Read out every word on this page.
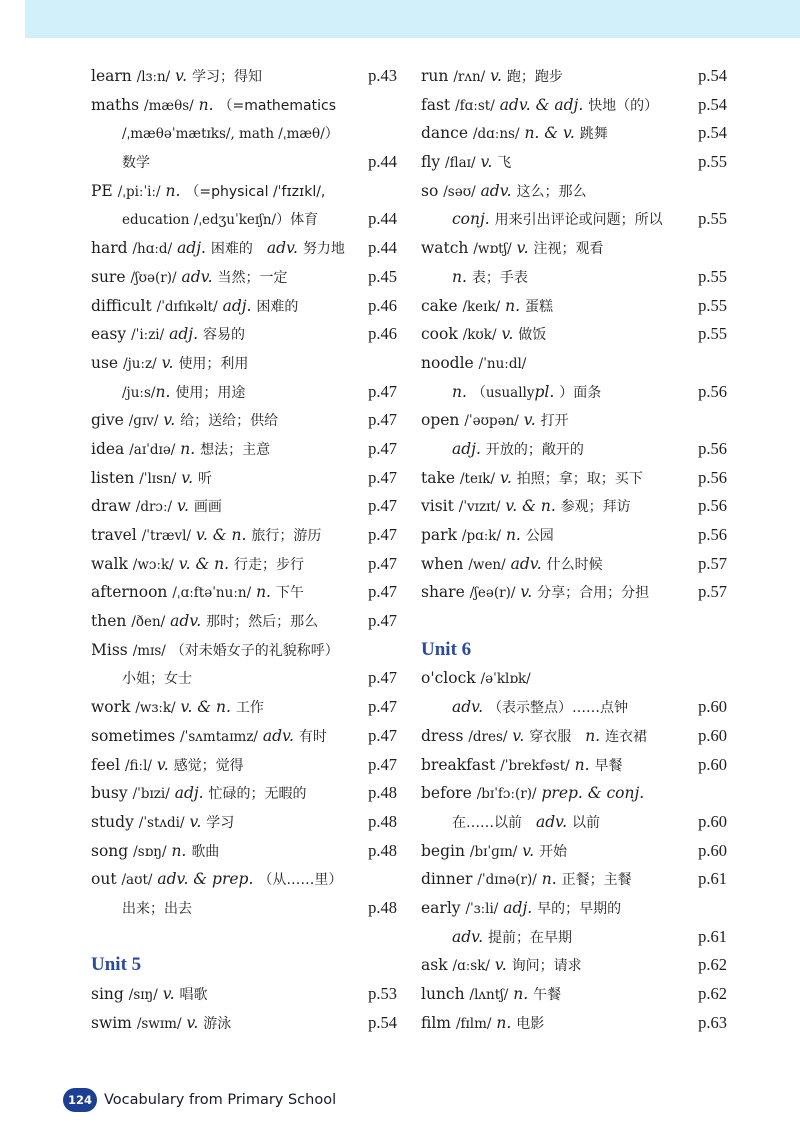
learn /lɜːn/ v. 学习；得知	p.43
maths /mæθs/ n. （=mathematics
/ˌmæθəˈmætɪks/, math /ˌmæθ/）
数学	p.44
PE /ˌpiːˈiː/ n. （=physical /ˈfɪzɪkl/,
education /ˌedʒuˈkeɪʃn/）体育	p.44
hard /hɑːd/ adj. 困难的　adv. 努力地 p.44
sure /ʃʊə(r)/ adv. 当然；一定	p.45
difficult /ˈdɪfɪkəlt/ adj. 困难的	p.46
easy /ˈiːzi/ adj. 容易的	p.46
use /juːz/ v. 使用；利用
/juːs/n. 使用；用途	p.47
give /ɡɪv/ v. 给；送给；供给	p.47
idea /aɪˈdɪə/ n. 想法；主意	p.47
listen /ˈlɪsn/ v. 听	p.47
draw /drɔː/ v. 画画	p.47
travel /ˈtrævl/ v. & n. 旅行；游历	p.47
walk /wɔːk/ v. & n. 行走；步行	p.47
afternoon /ˌɑːftəˈnuːn/ n. 下午	p.47
then /ðen/ adv. 那时；然后；那么	p.47
Miss /mɪs/ （对未婚女子的礼貌称呼）
小姐；女士	p.47
work /wɜːk/ v. & n. 工作	p.47
sometimes /ˈsʌmtaɪmz/ adv. 有时	p.47
feel /fiːl/ v. 感觉；觉得	p.47
busy /ˈbɪzi/ adj. 忙碌的；无暇的	p.48
study /ˈstʌdi/ v. 学习	p.48
song /sɒŋ/ n. 歌曲	p.48
out /aʊt/ adv. & prep. （从……里）
出来；出去	p.48
Unit 5
sing /sɪŋ/ v. 唱歌	p.53
swim /swɪm/ v. 游泳	p.54
run /rʌn/ v. 跑；跑步	p.54
fast /fɑːst/ adv. & adj. 快地（的） p.54
dance /dɑːns/ n. & v. 跳舞	p.54
fly /flaɪ/ v. 飞	p.55
so /səʊ/ adv. 这么；那么
conj. 用来引出评论或问题；所以 p.55
watch /wɒtʃ/ v. 注视；观看
n. 表；手表	p.55
cake /keɪk/ n. 蛋糕	p.55
cook /kʊk/ v. 做饭	p.55
noodle /ˈnuːdl/
n. （usuallypl. ）面条	p.56
open /ˈəʊpən/ v. 打开
adj. 开放的；敞开的	p.56
take /teɪk/ v. 拍照；拿；取；买下	p.56
visit /ˈvɪzɪt/ v. & n. 参观；拜访	p.56
park /pɑːk/ n. 公园	p.56
when /wen/ adv. 什么时候	p.57
share /ʃeə(r)/ v. 分享；合用；分担	p.57
Unit 6
o'clock /əˈklɒk/
adv. （表示整点）……点钟	p.60
dress /dres/ v. 穿衣服　n. 连衣裙	p.60
breakfast /ˈbrekfəst/ n. 早餐	p.60
before /bɪˈfɔː(r)/ prep. & conj.
在……以前　adv. 以前	p.60
begin /bɪˈɡɪn/ v. 开始	p.60
dinner /ˈdɪnə(r)/ n. 正餐；主餐	p.61
early /ˈɜːli/ adj. 早的；早期的
adv. 提前；在早期	p.61
ask /ɑːsk/ v. 询问；请求	p.62
lunch /lʌntʃ/ n. 午餐	p.62
film /fɪlm/ n. 电影	p.63
124 Vocabulary from Primary School
